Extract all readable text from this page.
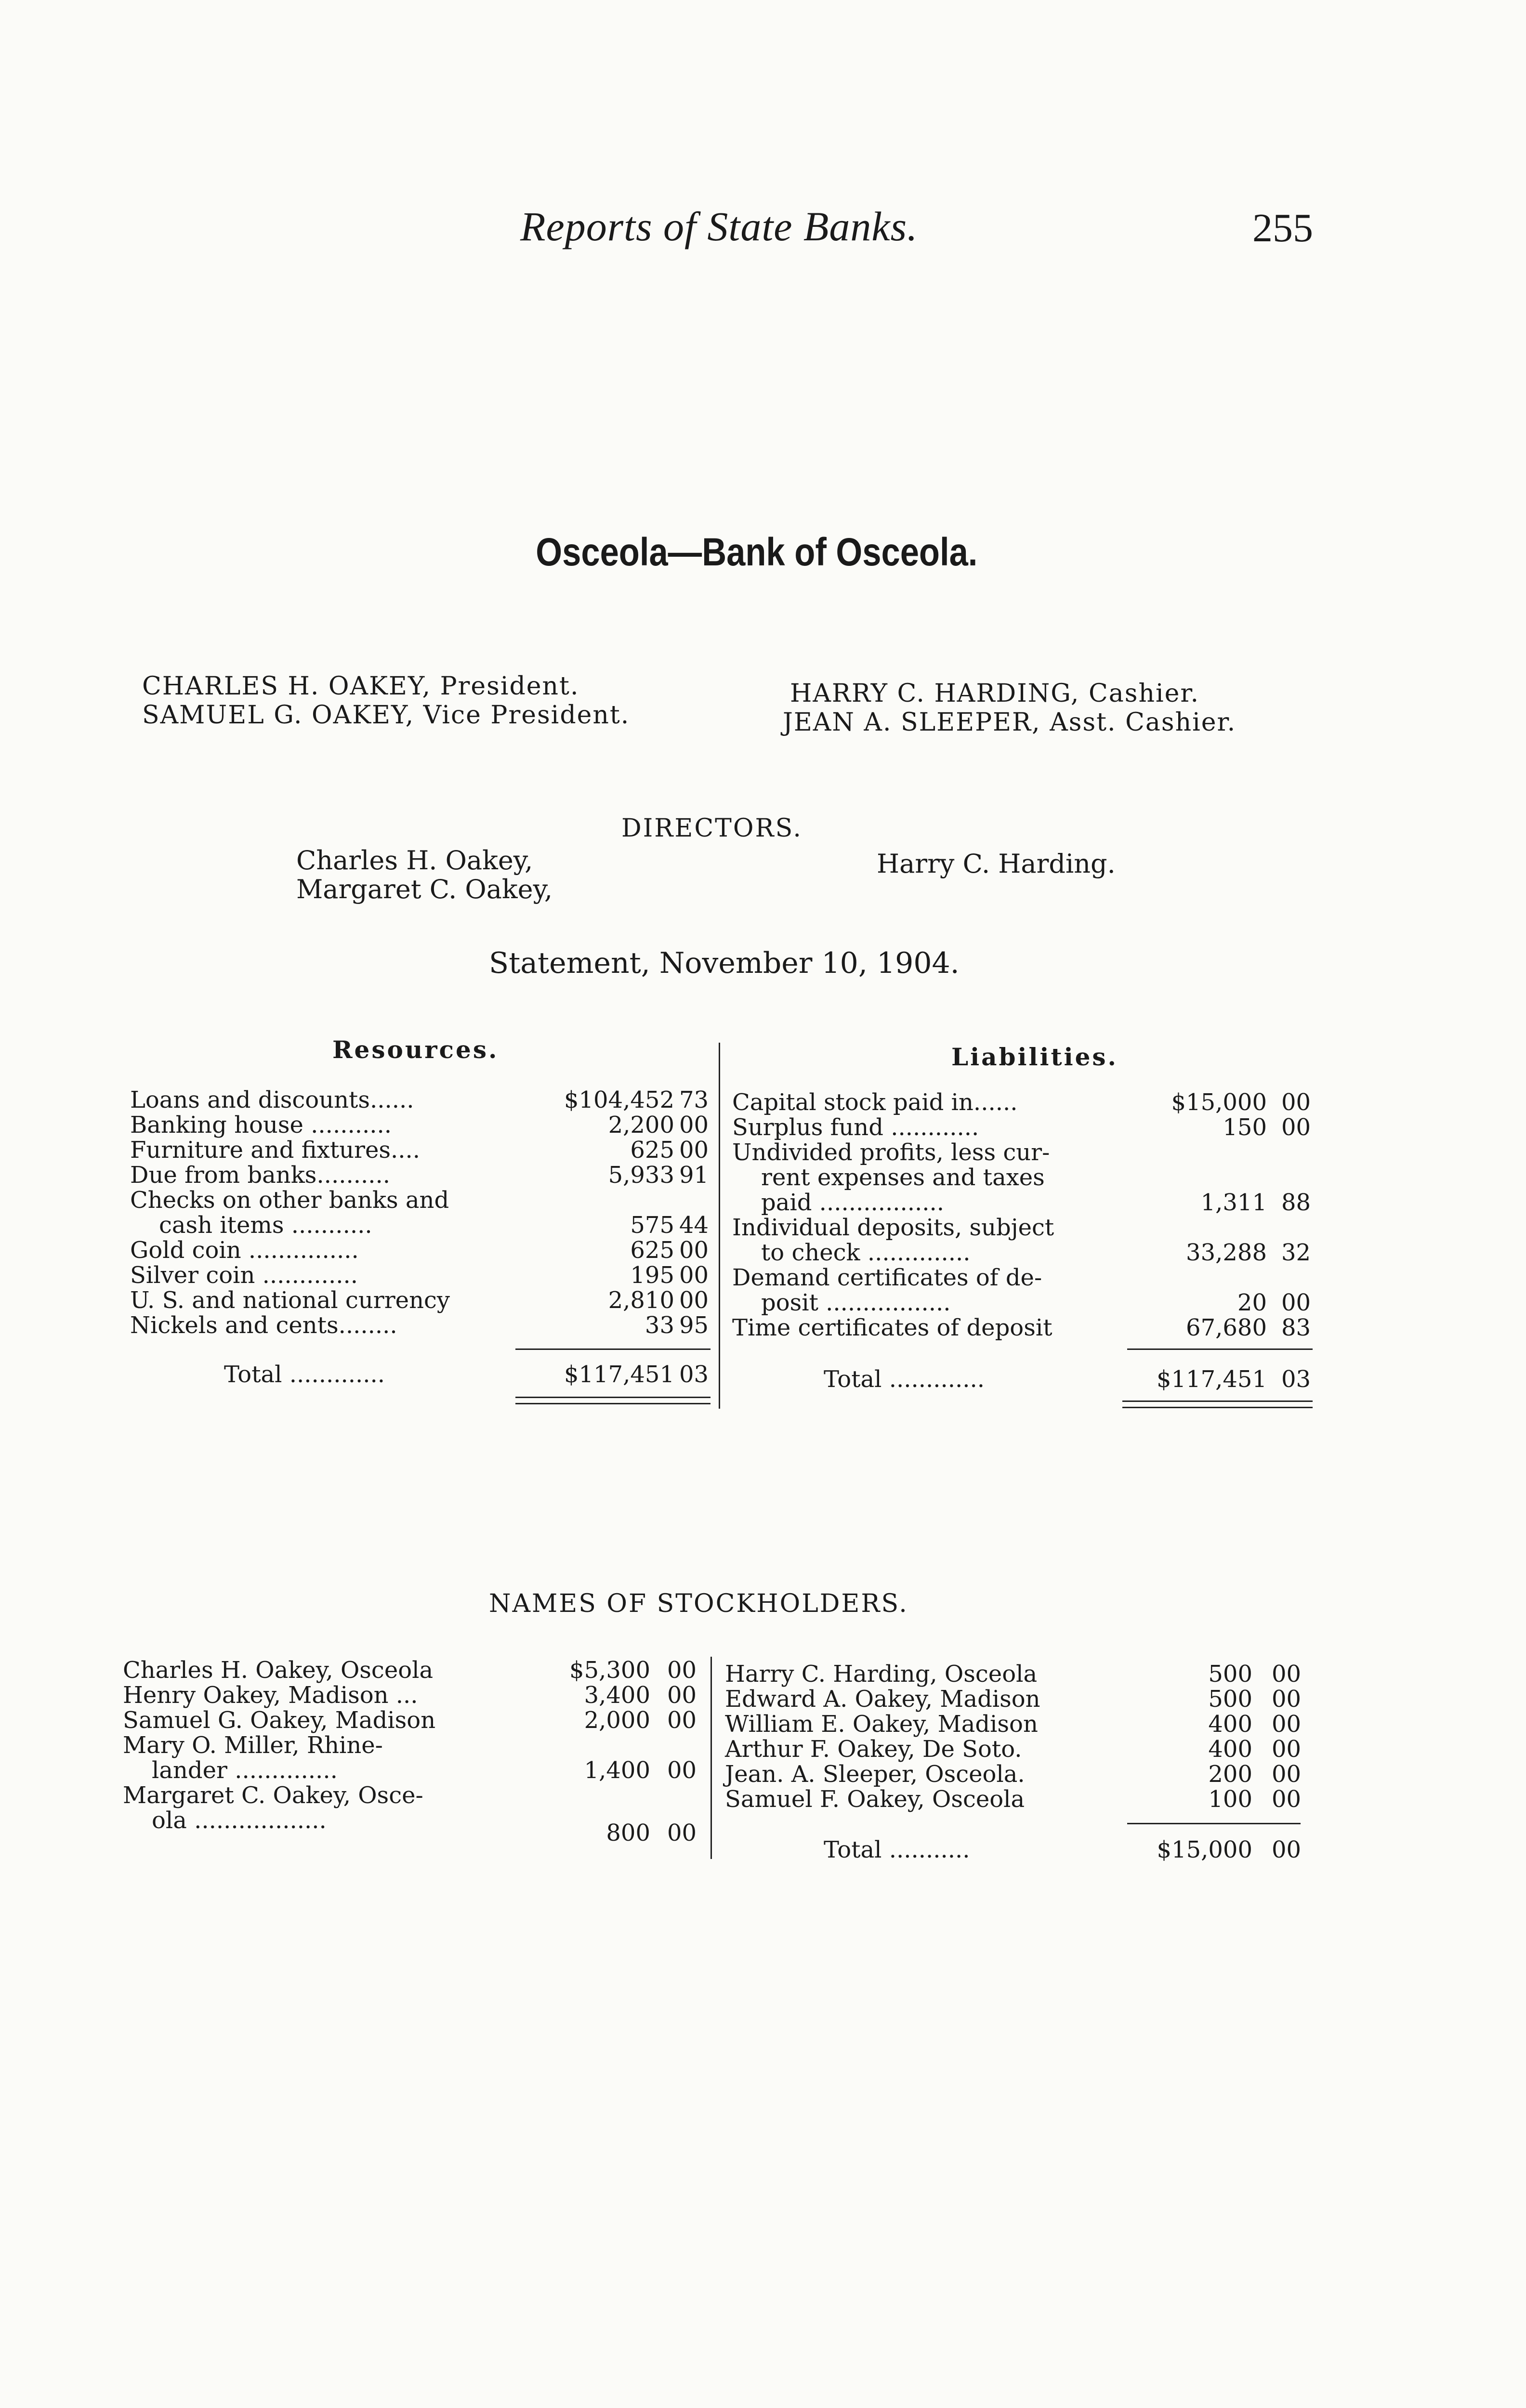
Reports of State Banks.	255
Osceola—Bank of Osceola.
CHARLES H. OAKEY, President.
SAMUEL G. OAKEY, Vice President.
HARRY C. HARDING, Cashier.
JEAN A. SLEEPER, Asst. Cashier.
DIRECTORS.
Charles H. Oakey,
Margaret C. Oakey,
Harry C. Harding.
Statement, November 10, 1904.
Resources.	Liabilities.
Loans and discounts......	$104,452 73
Banking house ...........	2,200 00
Furniture and fixtures....	625 00
Due from banks..........	5,933 91
Checks on other banks and
cash items ...........	575 44
Gold coin ...............	625 00
Silver coin .............	195 00
U. S. and national currency	2,810 00
Nickels and cents........	33 95
Total .............	$117,451 03
Capital stock paid in......	$15,000 00
Surplus fund ............	150 00
Undivided profits, less cur-
rent expenses and taxes
paid .................	1,311 88
Individual deposits, subject
to check ..............	33,288 32
Demand certificates of de-
posit .................	20 00
Time certificates of deposit	67,680 83
Total .............	$117,451 03
NAMES OF STOCKHOLDERS.
Charles H. Oakey, Osceola	$5,300 00
Henry Oakey, Madison ...	3,400 00
Samuel G. Oakey, Madison	2,000 00
Mary O. Miller, Rhine-
lander ..............	1,400 00
Margaret C. Oakey, Osce-
ola ..................	800 00
Harry C. Harding, Osceola	500 00
Edward A. Oakey, Madison	500 00
William E. Oakey, Madison	400 00
Arthur F. Oakey, De Soto.	400 00
Jean. A. Sleeper, Osceola.	200 00
Samuel F. Oakey, Osceola	100 00
Total ...........	$15,000 00
